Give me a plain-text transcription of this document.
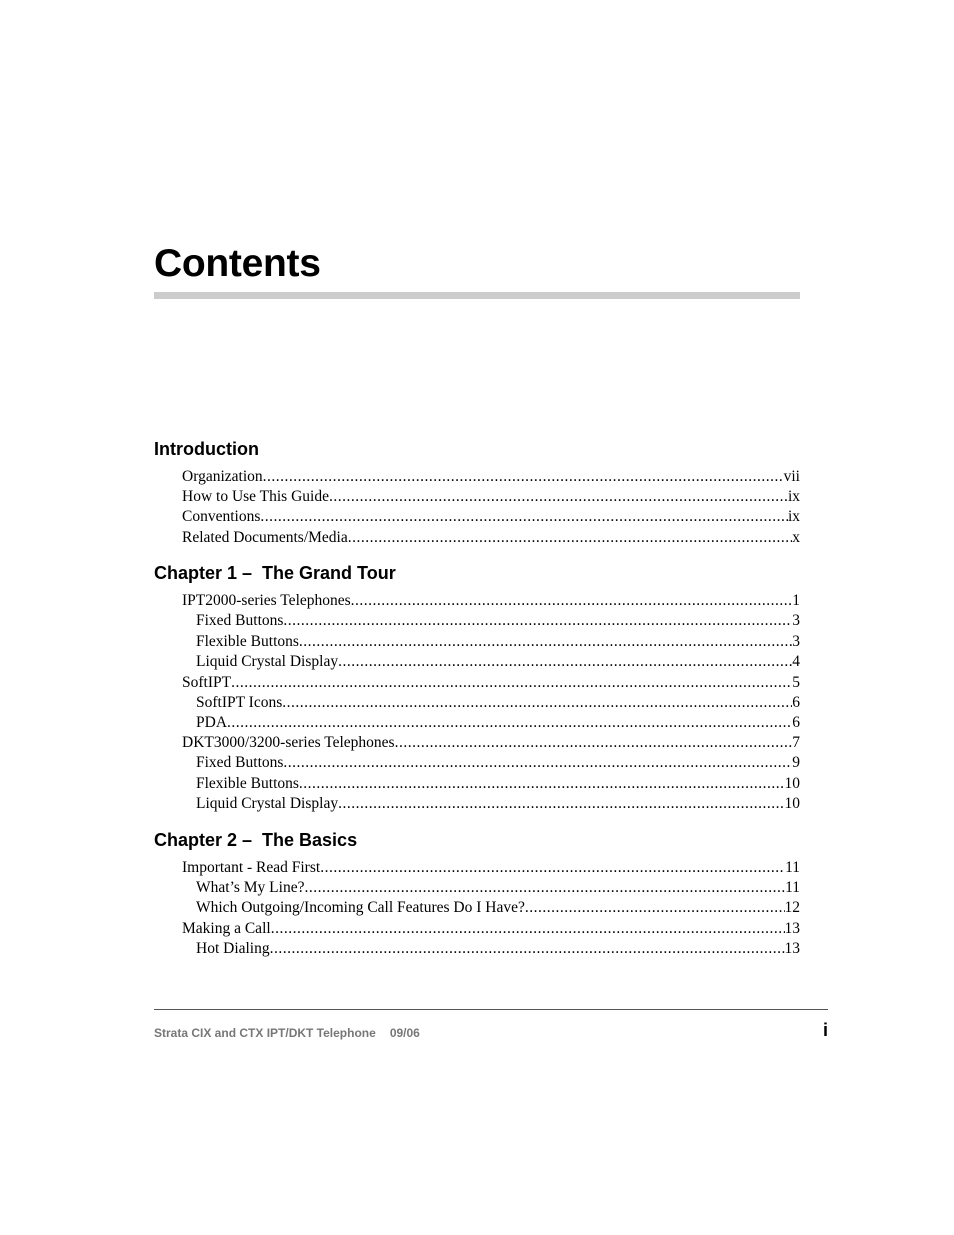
Contents
Introduction
Organization .....	vii
How to Use This Guide .....	ix
Conventions .....	ix
Related Documents/Media .....	x
Chapter 1 –  The Grand Tour
IPT2000-series Telephones .....	1
Fixed Buttons .....	3
Flexible Buttons .....	3
Liquid Crystal Display .....	4
SoftIPT .....	5
SoftIPT Icons .....	6
PDA .....	6
DKT3000/3200-series Telephones .....	7
Fixed Buttons .....	9
Flexible Buttons .....	10
Liquid Crystal Display .....	10
Chapter 2 –  The Basics
Important - Read First .....	11
What’s My Line? .....	11
Which Outgoing/Incoming Call Features Do I Have? .....	12
Making a Call .....	13
Hot Dialing .....	13
Strata CIX and CTX IPT/DKT Telephone 09/06	i
